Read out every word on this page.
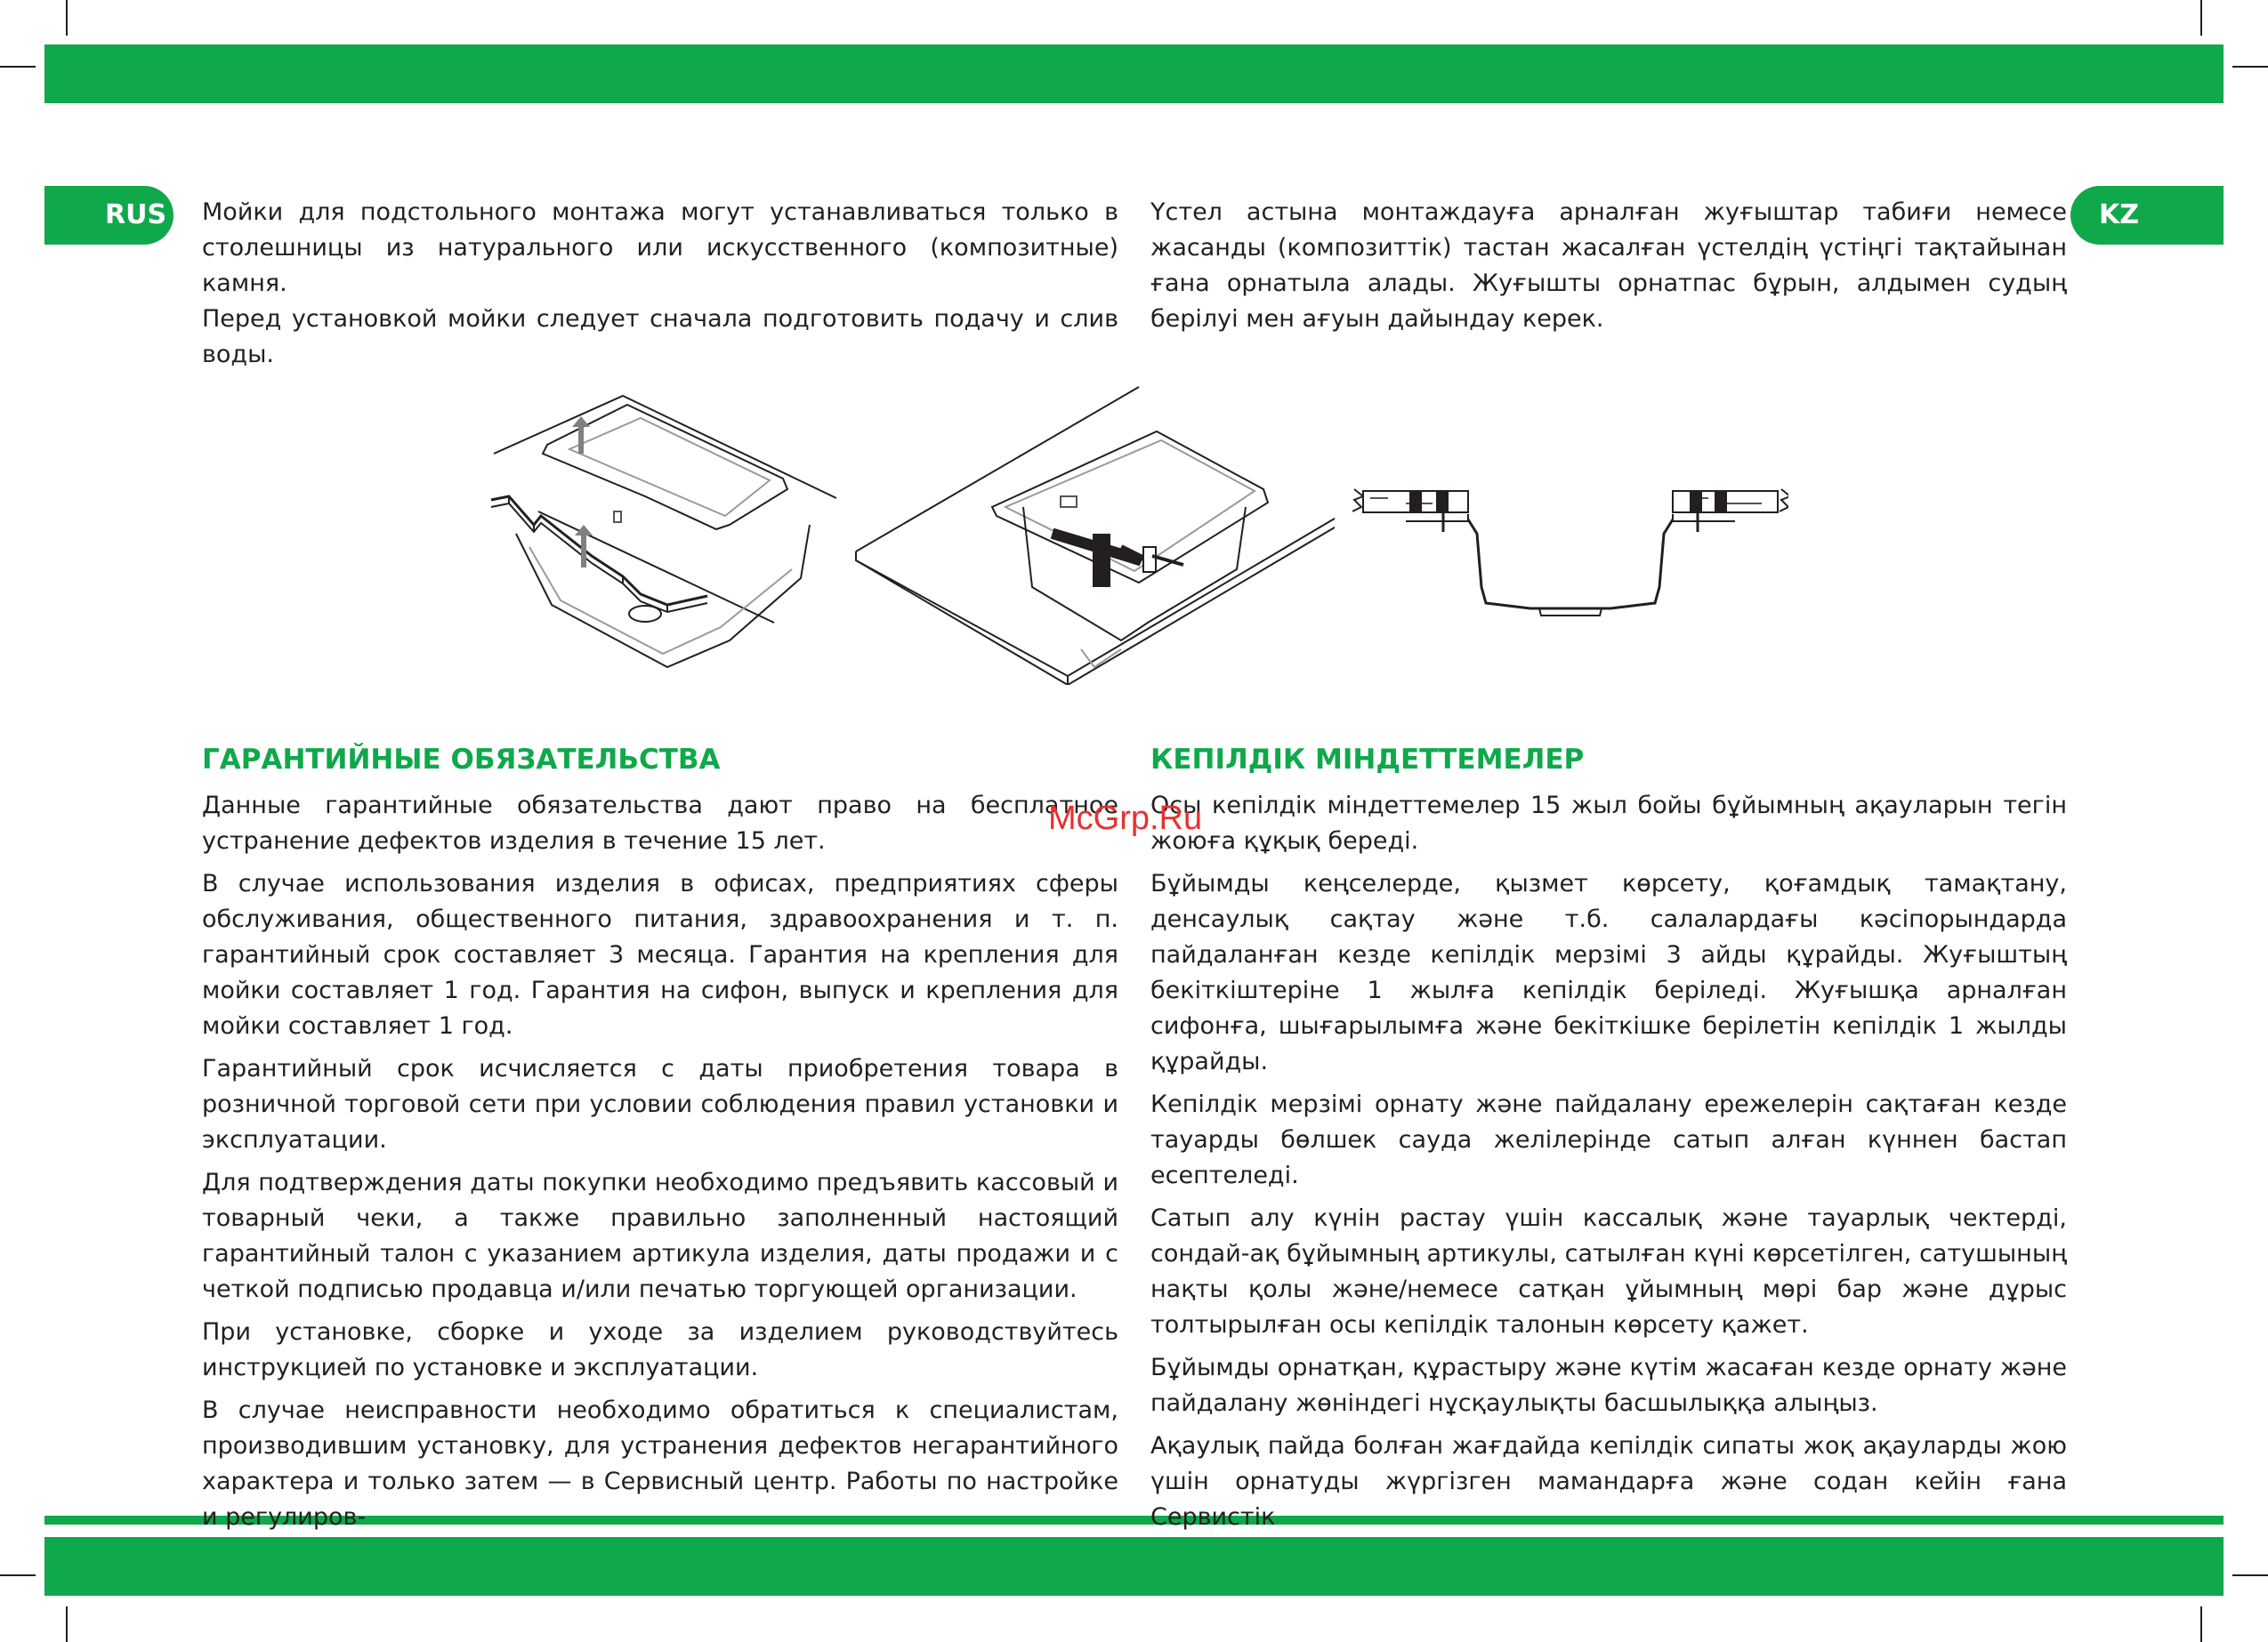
RUS	KZ

Мойки для подстольного монтажа могут устанавливаться только в столешницы из натурального или искусственного (композитные) камня.

Перед установкой мойки следует сначала подготовить подачу и слив воды.

Үстел астына монтаждауға арналған жуғыштар табиғи немесе жасанды (композиттік) тастан жасалған үстелдің үстіңгі тақтайынан ғана орнатыла алады. Жуғышты орнатпас бұрын, алдымен судың берілуі мен ағуын дайындау керек.

ГАРАНТИЙНЫЕ ОБЯЗАТЕЛЬСТВА

Данные гарантийные обязательства дают право на бесплатное устранение дефектов изделия в течение 15 лет.

В случае использования изделия в офисах, предприятиях сферы обслуживания, общественного питания, здравоохранения и т. п. гарантийный срок составляет 3 месяца. Гарантия на крепления для мойки составляет 1 год. Гарантия на сифон, выпуск и крепления для мойки составляет 1 год.

Гарантийный срок исчисляется с даты приобретения товара в розничной торговой сети при условии соблюдения правил установки и эксплуатации.

Для подтверждения даты покупки необходимо предъявить кассовый и товарный чеки, а также правильно заполненный настоящий гарантийный талон с указанием артикула изделия, даты продажи и с четкой подписью продавца и/или печатью торгующей организации.

При установке, сборке и уходе за изделием руководствуйтесь инструкцией по установке и эксплуатации.

В случае неисправности необходимо обратиться к специалистам, производившим установку, для устранения дефектов негарантийного характера и только затем — в Сервисный центр. Работы по настройке и регулиров-

КЕПІЛДІК МІНДЕТТЕМЕЛЕР

Осы кепілдік міндеттемелер 15 жыл бойы бұйымның ақауларын тегін жоюға құқық береді.

Бұйымды кеңселерде, қызмет көрсету, қоғамдық тамақтану, денсаулық сақтау және т.б. салалардағы кәсіпорындарда пайдаланған кезде кепілдік мерзімі 3 айды құрайды. Жуғыштың бекіткіштеріне 1 жылға кепілдік беріледі. Жуғышқа арналған сифонға, шығарылымға және бекіткішке берілетін кепілдік 1 жылды құрайды.

Кепілдік мерзімі орнату және пайдалану ережелерін сақтаған кезде тауарды бөлшек сауда желілерінде сатып алған күннен бастап есептеледі.

Сатып алу күнін растау үшін кассалық және тауарлық чектерді, сондай-ақ бұйымның артикулы, сатылған күні көрсетілген, сатушының нақты қолы және/немесе сатқан ұйымның мөрі бар және дұрыс толтырылған осы кепілдік талонын көрсету қажет.

Бұйымды орнатқан, құрастыру және күтім жасаған кезде орнату және пайдалану жөніндегі нұсқаулықты басшылыққа алыңыз.

Ақаулық пайда болған жағдайда кепілдік сипаты жоқ ақауларды жою үшін орнатуды жүргізген мамандарға және содан кейін ғана Сервистік

McGrp.Ru
